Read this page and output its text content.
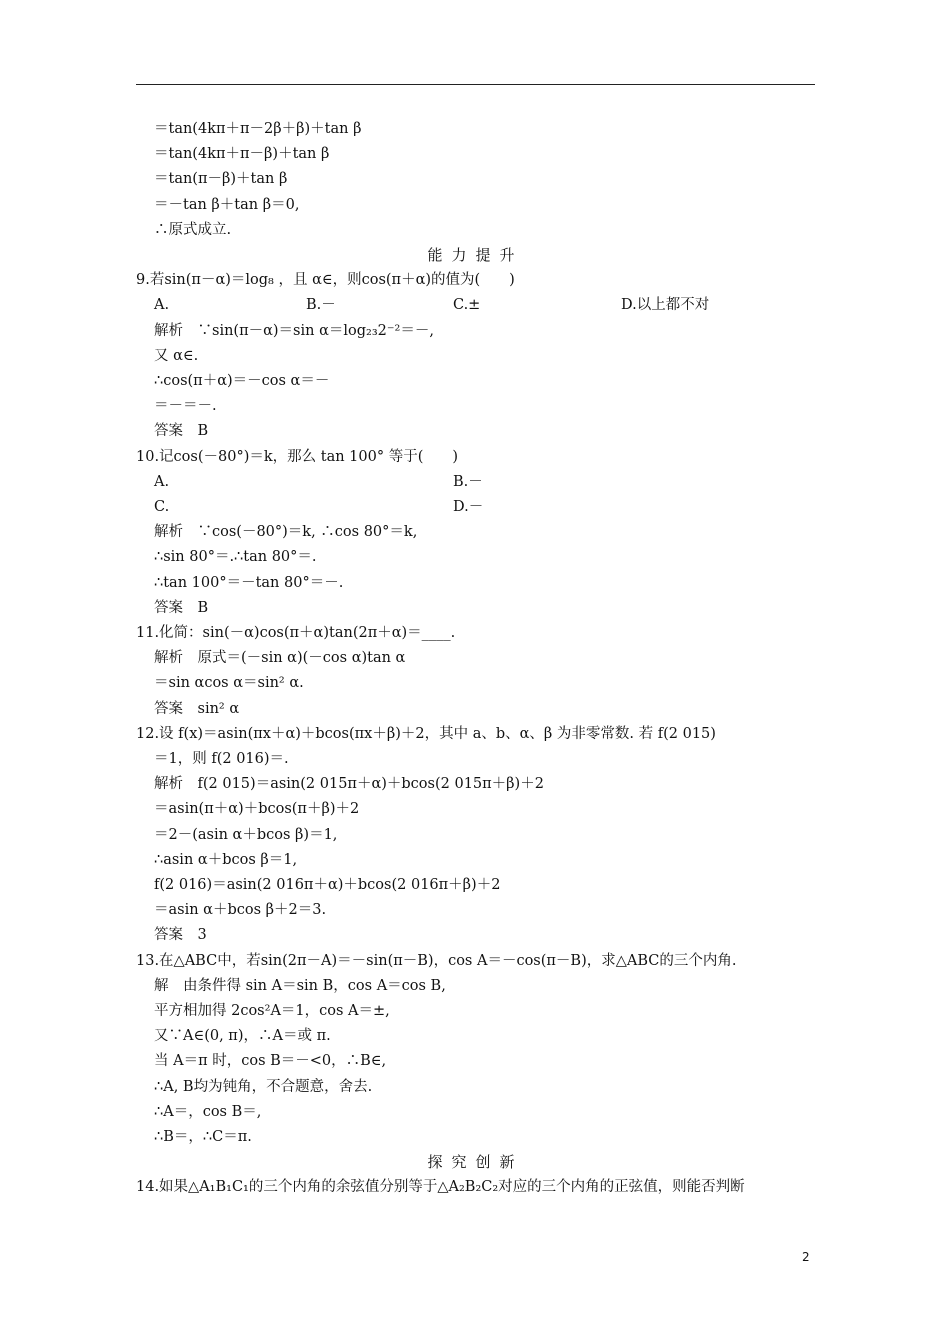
＝tan(4kπ＋π－2β＋β)＋tan β
＝tan(4kπ＋π－β)＋tan β
＝tan(π－β)＋tan β
＝－tan β＋tan β＝0,
∴原式成立.
能力提升
9.若sin(π－α)＝log₈ ，且 α∈，则cos(π＋α)的值为(　　)
A.	B.－	C.±	D.以上都不对
解析　∵sin(π－α)＝sin α＝log₂₃2⁻²＝－,
又 α∈.
∴cos(π＋α)＝－cos α＝－
＝－＝－.
答案　B
10.记cos(－80°)＝k，那么 tan 100° 等于(　　)
A.	B.－
C.	D.－
解析　∵cos(－80°)＝k, ∴cos 80°＝k,
∴sin 80°＝.∴tan 80°＝.
∴tan 100°＝－tan 80°＝－.
答案　B
11.化简：sin(－α)cos(π＋α)tan(2π＋α)＝____.
解析　原式＝(－sin α)(－cos α)tan α
＝sin αcos α＝sin² α.
答案　sin² α
12.设 f(x)＝asin(πx＋α)＋bcos(πx＋β)＋2，其中 a、b、α、β 为非零常数. 若 f(2 015)
＝1，则 f(2 016)＝.
解析　f(2 015)＝asin(2 015π＋α)＋bcos(2 015π＋β)＋2
＝asin(π＋α)＋bcos(π＋β)＋2
＝2－(asin α＋bcos β)＝1,
∴asin α＋bcos β＝1,
f(2 016)＝asin(2 016π＋α)＋bcos(2 016π＋β)＋2
＝asin α＋bcos β＋2＝3.
答案　3
13.在△ABC中，若sin(2π－A)＝－sin(π－B)，cos A＝－cos(π－B)，求△ABC的三个内角.
解　由条件得 sin A＝sin B，cos A＝cos B,
平方相加得 2cos²A＝1，cos A＝±,
又∵A∈(0, π)，∴A＝或 π.
当 A＝π 时，cos B＝－<0，∴B∈,
∴A, B均为钝角，不合题意，舍去.
∴A＝，cos B＝,
∴B＝，∴C＝π.
探究创新
14.如果△A₁B₁C₁的三个内角的余弦值分别等于△A₂B₂C₂对应的三个内角的正弦值，则能否判断
2
